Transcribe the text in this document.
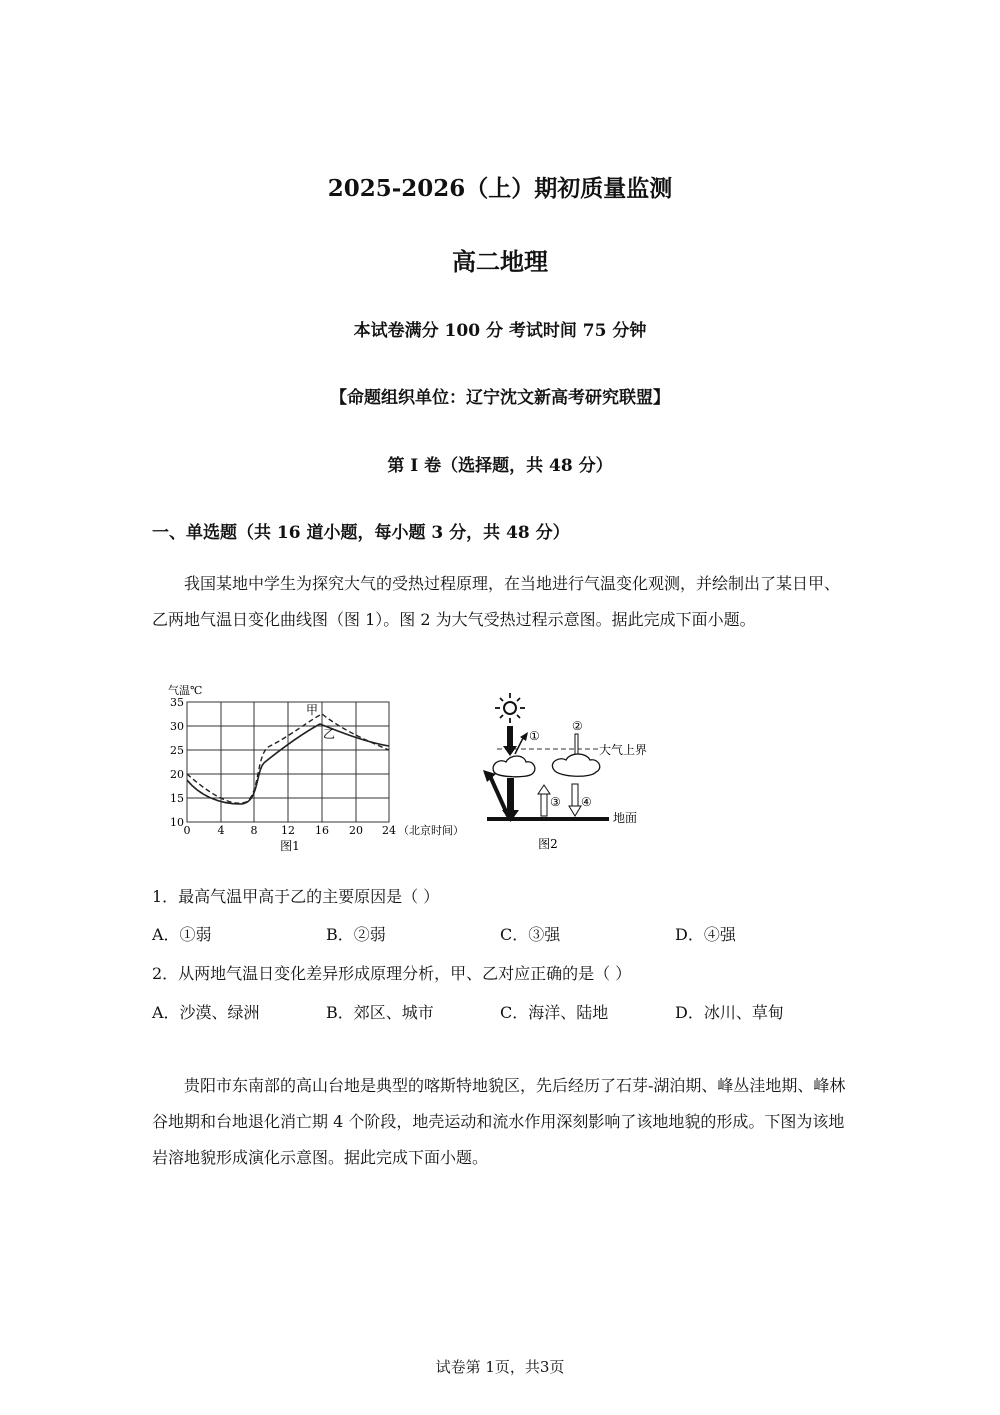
2025-2026（上）期初质量监测
高二地理
本试卷满分 100 分 考试时间 75 分钟
【命题组织单位：辽宁沈文新高考研究联盟】
第 I 卷（选择题，共 48 分）
一、单选题（共 16 道小题，每小题 3 分，共 48 分）

我国某地中学生为探究大气的受热过程原理，在当地进行气温变化观测，并绘制出了某日甲、乙两地气温日变化曲线图（图 1）。图 2 为大气受热过程示意图。据此完成下面小题。

气温℃
35
30
25
20
15
10
0 4 8 12 16 20 24 （北京时间）
甲
乙
图1
大气上界
①
②
③ ④
地面
图2
1．最高气温甲高于乙的主要原因是（ ）
A．①弱	B．②弱	C．③强	D．④强
2．从两地气温日变化差异形成原理分析，甲、乙对应正确的是（ ）
A．沙漠、绿洲	B．郊区、城市	C．海洋、陆地	D．冰川、草甸

贵阳市东南部的高山台地是典型的喀斯特地貌区，先后经历了石芽-湖泊期、峰丛洼地期、峰林谷地期和台地退化消亡期 4 个阶段，地壳运动和流水作用深刻影响了该地地貌的形成。下图为该地岩溶地貌形成演化示意图。据此完成下面小题。

试卷第 1页，共3页
